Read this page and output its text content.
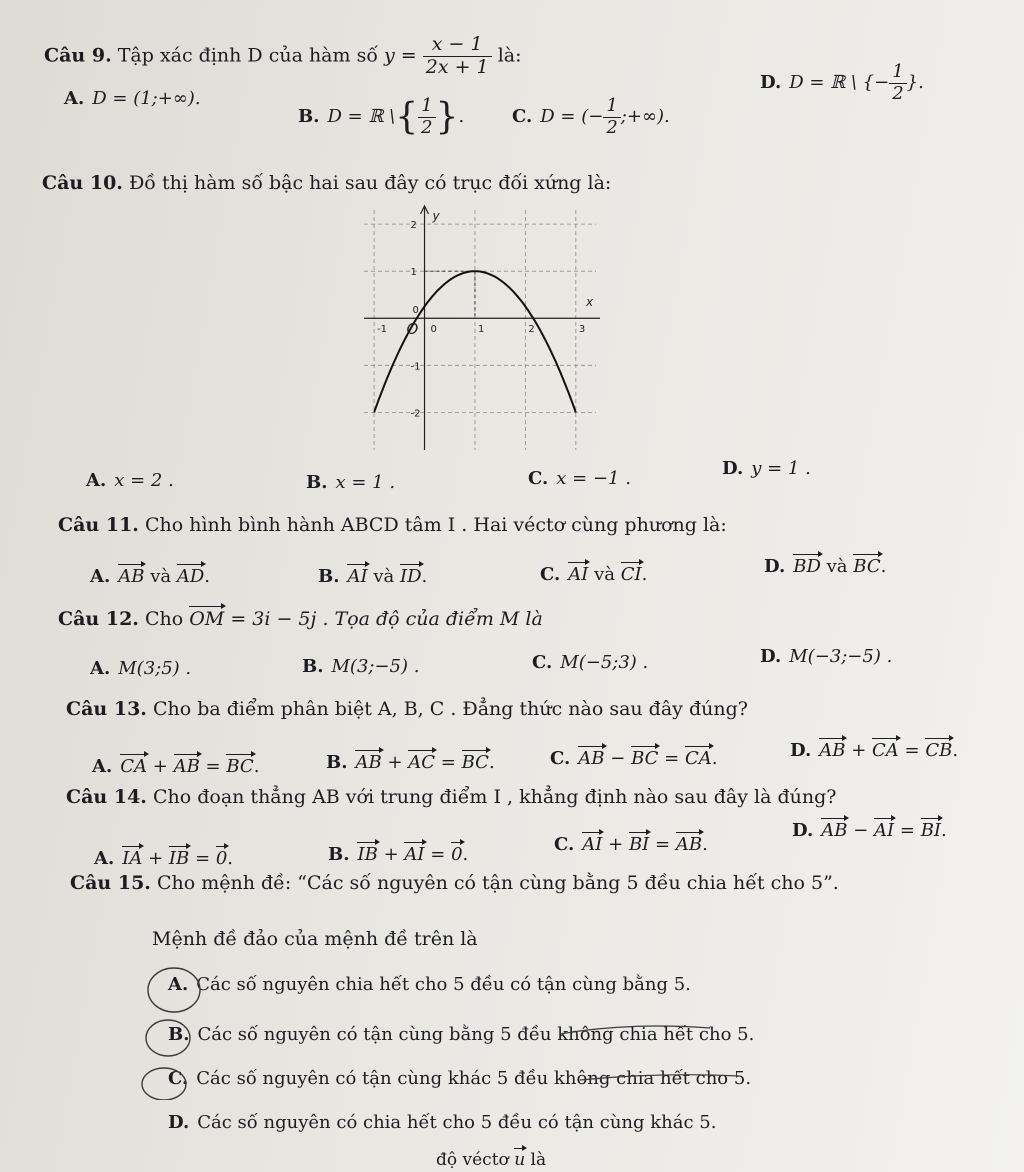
Câu 9. Tập xác định D của hàm số $y = \frac{x - 1}{2x + 1}$ là:
A. D = (1;+∞).
B. D = ℝ \{ $\frac{1}{2}$ }.	C. D = (− $\frac{1}{2}$ ;+∞).
D. D = ℝ \ {− $\frac{1}{2}$ }.
Câu 10. Đồ thị hàm số bậc hai sau đây có trục đối xứng là:
-1	0	1	2	3
2
1
0
-1
-2
O
x
y
A. x = 2 .	B. x = 1 .	C. x = −1 .	D. y = 1 .
Câu 11. Cho hình bình hành ABCD tâm I . Hai véctơ cùng phương là:
A. AB và AD.	B. AI và ID.	C. AI và CI.	D. BD và BC.
Câu 12. Cho OM = 3i − 5j . Tọa độ của điểm M là
A. M(3;5) .	B. M(3;−5) .	C. M(−5;3) .	D. M(−3;−5) .
Câu 13. Cho ba điểm phân biệt A, B, C . Đẳng thức nào sau đây đúng?
A. CA + AB = BC.	B. AB + AC = BC.	C. AB − BC = CA.	D. AB + CA = CB.
Câu 14. Cho đoạn thẳng AB với trung điểm I , khẳng định nào sau đây là đúng?
A. IA + IB = 0.	B. IB + AI = 0.	C. AI + BI = AB.
D. AB − AI = BI.
Câu 15. Cho mệnh đề: “Các số nguyên có tận cùng bằng 5 đều chia hết cho 5”.
Mệnh đề đảo của mệnh đề trên là
A. Các số nguyên chia hết cho 5 đều có tận cùng bằng 5.
B. Các số nguyên có tận cùng bằng 5 đều không chia hết cho 5.
C. Các số nguyên có tận cùng khác 5 đều không chia hết cho 5.
D. Các số nguyên có chia hết cho 5 đều có tận cùng khác 5.
độ véctơ u là
